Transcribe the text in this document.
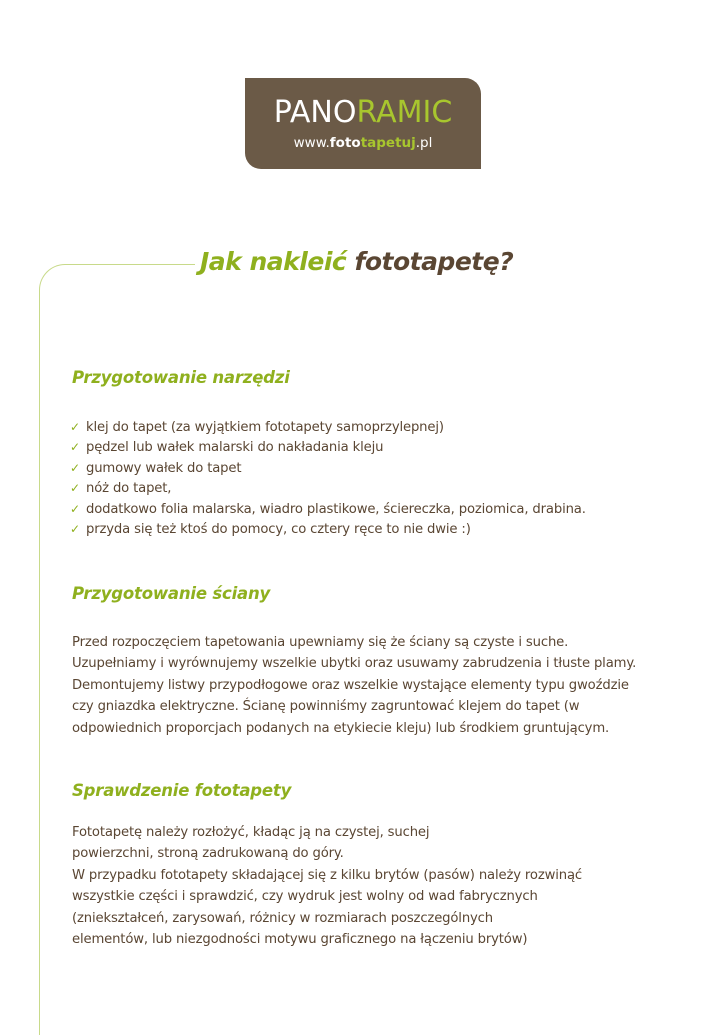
PANORAMIC
www.fototapetuj.pl
Jak nakleić fototapetę?
Przygotowanie narzędzi
✓ klej do tapet (za wyjątkiem fototapety samoprzylepnej)
✓ pędzel lub wałek malarski do nakładania kleju
✓ gumowy wałek do tapet
✓ nóż do tapet,
✓ dodatkowo folia malarska, wiadro plastikowe, ściereczka, poziomica, drabina.
✓ przyda się też ktoś do pomocy, co cztery ręce to nie dwie :)
Przygotowanie ściany
Przed rozpoczęciem tapetowania upewniamy się że ściany są czyste i suche.
Uzupełniamy i wyrównujemy wszelkie ubytki oraz usuwamy zabrudzenia i tłuste plamy.
Demontujemy listwy przypodłogowe oraz wszelkie wystające elementy typu gwoździe
czy gniazdka elektryczne. Ścianę powinniśmy zagruntować klejem do tapet (w
odpowiednich proporcjach podanych na etykiecie kleju) lub środkiem gruntującym.
Sprawdzenie fototapety
Fototapetę należy rozłożyć, kładąc ją na czystej, suchej
powierzchni, stroną zadrukowaną do góry.
W przypadku fototapety składającej się z kilku brytów (pasów) należy rozwinąć
wszystkie części i sprawdzić, czy wydruk jest wolny od wad fabrycznych
(zniekształceń, zarysowań, różnicy w rozmiarach poszczególnych
elementów, lub niezgodności motywu graficznego na łączeniu brytów)
